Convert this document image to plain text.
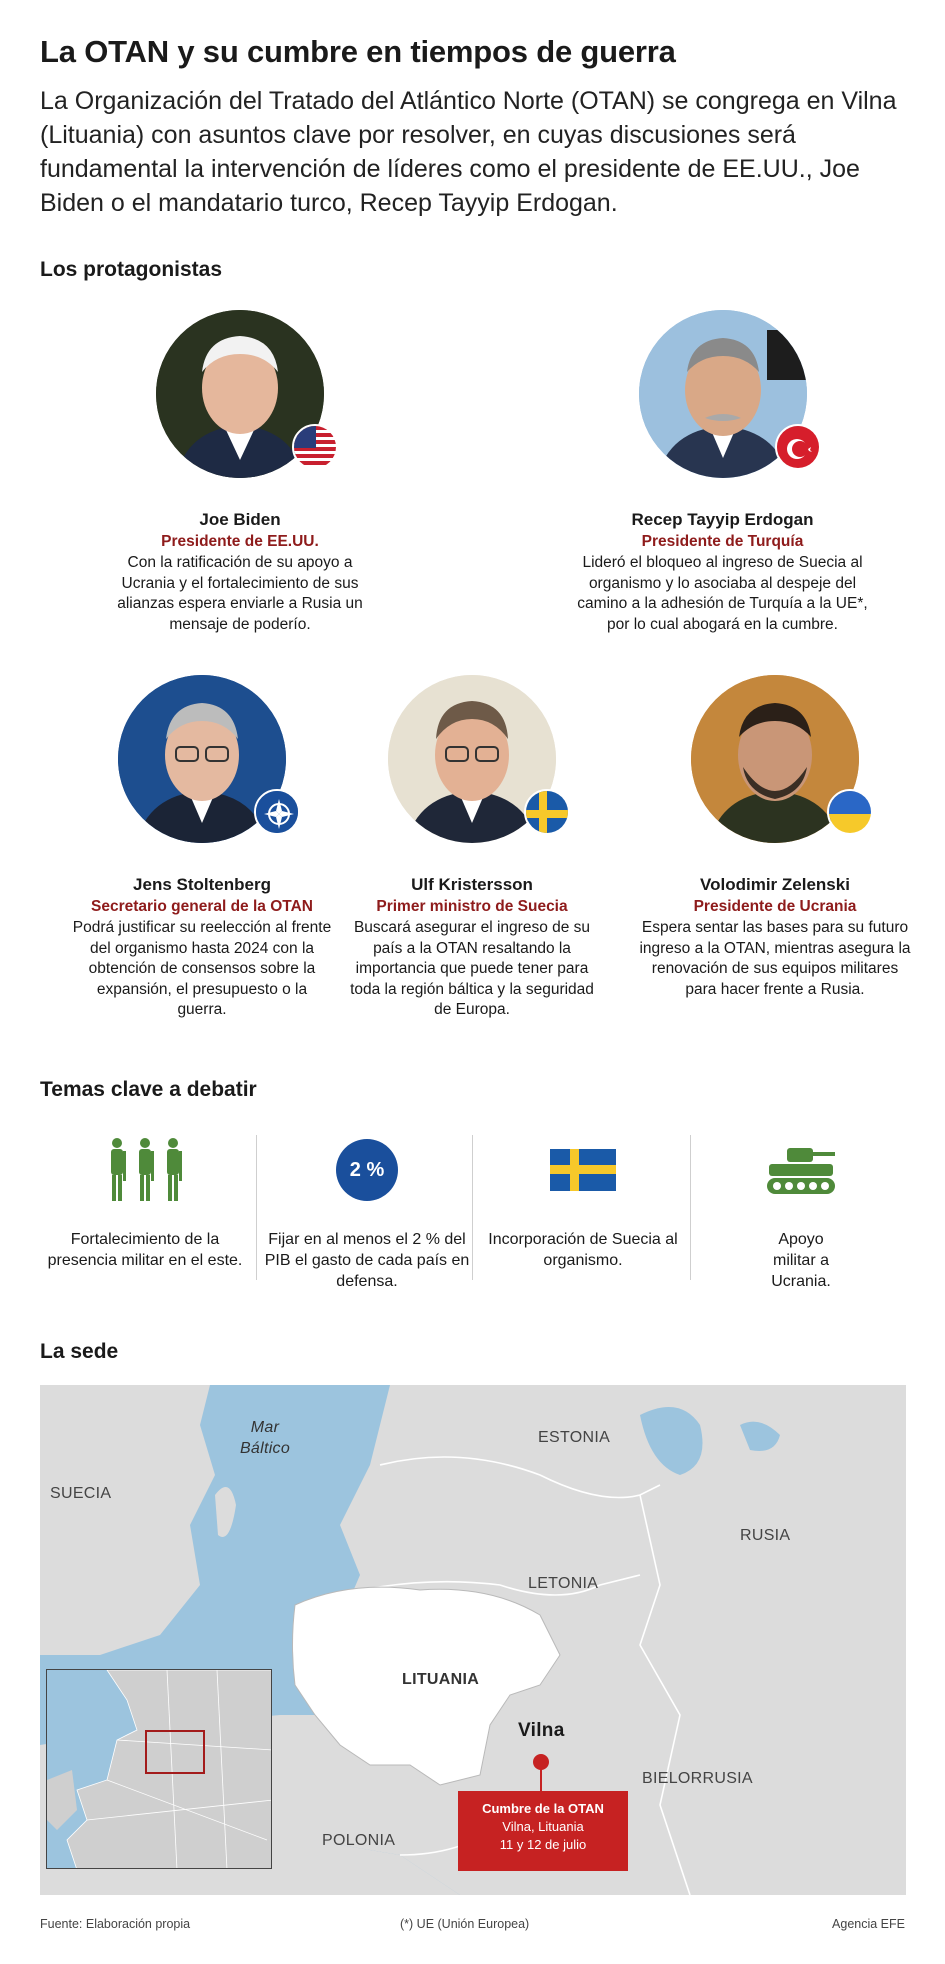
La OTAN y su cumbre en tiempos de guerra

La Organización del Tratado del Atlántico Norte (OTAN) se congrega en Vilna (Lituania) con asuntos clave por resolver, en cuyas discusiones será fundamental la intervención de líderes como el presidente de EE.UU., Joe Biden o el mandatario turco, Recep Tayyip Erdogan.

Los protagonistas
Joe Biden
Presidente de EE.UU.
Con la ratificación de su apoyo a Ucrania y el fortalecimiento de sus alianzas espera enviarle a Rusia un mensaje de poderío.
Recep Tayyip Erdogan
Presidente de Turquía
Lideró el bloqueo al ingreso de Suecia al organismo y lo asociaba al despeje del camino a la adhesión de Turquía a la UE*, por lo cual abogará en la cumbre.
Jens Stoltenberg
Secretario general de la OTAN
Podrá justificar su reelección al frente del organismo hasta 2024 con la obtención de consensos sobre la expansión, el presupuesto o la guerra.
Ulf Kristersson
Primer ministro de Suecia
Buscará asegurar el ingreso de su país a la OTAN resaltando la importancia que puede tener para toda la región báltica y la seguridad de Europa.
Volodimir Zelenski
Presidente de Ucrania
Espera sentar las bases para su futuro ingreso a la OTAN, mientras asegura la renovación de sus equipos militares para hacer frente a Rusia.
Temas clave a debatir
Fortalecimiento de la presencia militar en el este.
2 %
Fijar en al menos el 2 % del PIB el gasto de cada país en defensa.
Incorporación de Suecia al organismo.
Apoyo militar a Ucrania.
La sede
Mar
Báltico
SUECIA
ESTONIA
RUSIA
LETONIA
LITUANIA
BIELORRUSIA
POLONIA
Vilna
Cumbre de la OTAN
Vilna, Lituania
11 y 12 de julio
Fuente: Elaboración propia	(*) UE (Unión Europea)	Agencia EFE
